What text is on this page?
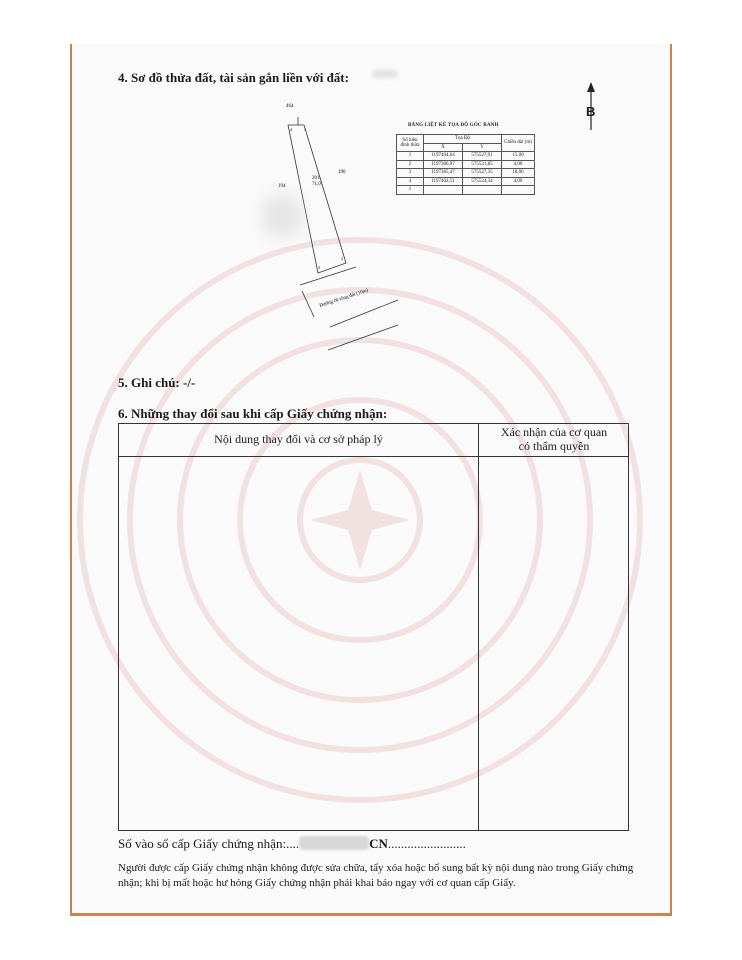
4. Sơ đồ thửa đất, tài sản gắn liền với đất:
464
194
190
201
71,0
1
2
3
4
Đường bê tông đất (10m)
B
BẢNG LIỆT KÊ TỌA ĐỘ GÓC RANH
Số hiệu đỉnh thửa	Tọa Độ		Chiều dài (m)
	X	Y	
1	1197404,64	575527,91	15,00
2	1197386,97	575531,85	4,00
3	1197385,47	575527,35	18,00
4	1197402,51	575524,34	4,00
1			
5. Ghi chú: -/-
6. Những thay đổi sau khi cấp Giấy chứng nhận:
Nội dung thay đổi và cơ sở pháp lý	Xác nhận của cơ quan
có thẩm quyền
Số vào sổ cấp Giấy chứng nhận:....	CN........................
Người được cấp Giấy chứng nhận không được sửa chữa, tẩy xóa hoặc bổ sung bất kỳ nội dung nào trong Giấy chứng nhận; khi bị mất hoặc hư hỏng Giấy chứng nhận phải khai báo ngay với cơ quan cấp Giấy.
